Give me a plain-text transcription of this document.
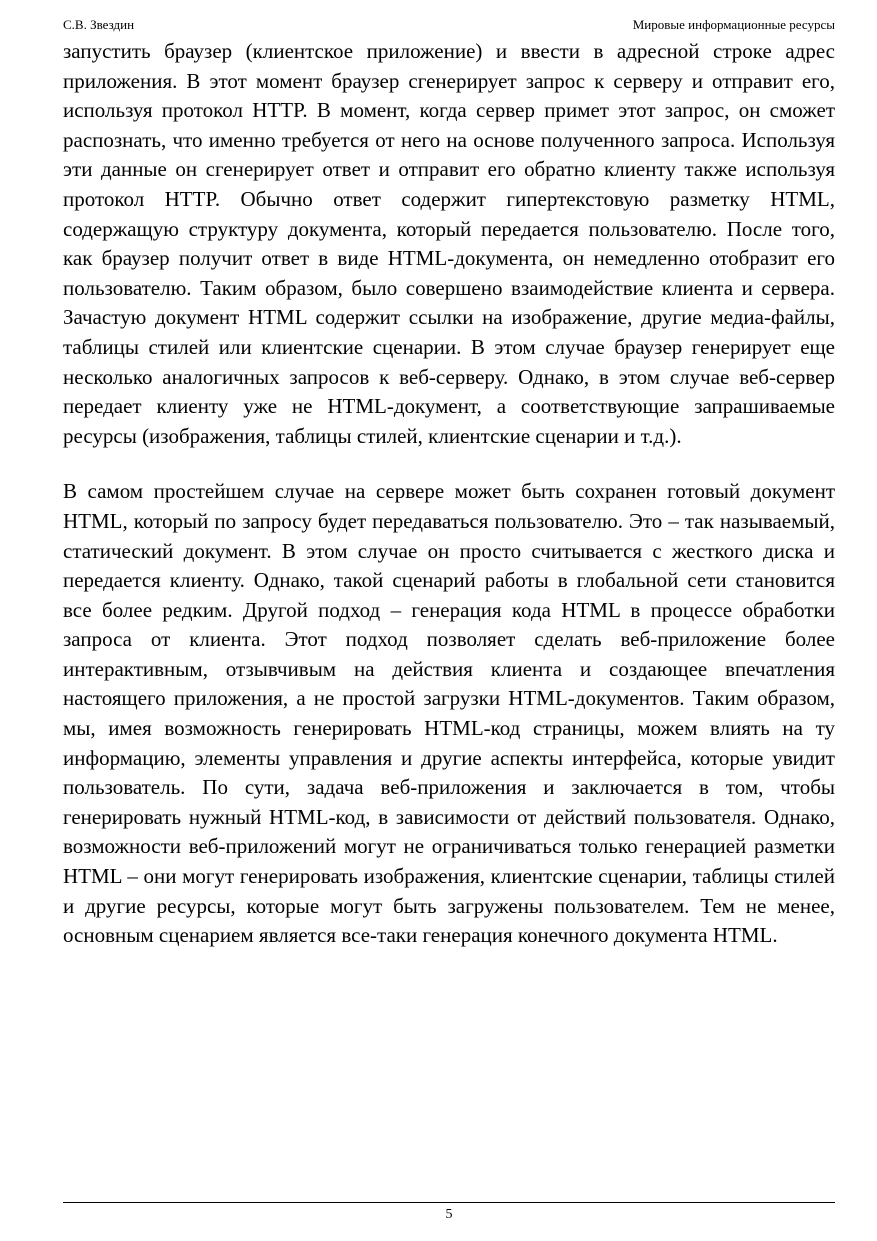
С.В. Звездин	Мировые информационные ресурсы

запустить браузер (клиентское приложение) и ввести в адресной строке адрес приложения. В этот момент браузер сгенерирует запрос к серверу и отправит его, используя протокол HTTP. В момент, когда сервер примет этот запрос, он сможет распознать, что именно требуется от него на основе полученного запроса. Используя эти данные он сгенерирует ответ и отправит его обратно клиенту также используя протокол HTTP. Обычно ответ содержит гипертекстовую разметку HTML, содержащую структуру документа, который передается пользователю. После того, как браузер получит ответ в виде HTML-документа, он немедленно отобразит его пользователю. Таким образом, было совершено взаимодействие клиента и сервера. Зачастую документ HTML содержит ссылки на изображение, другие медиа-файлы, таблицы стилей или клиентские сценарии. В этом случае браузер генерирует еще несколько аналогичных запросов к веб-серверу. Однако, в этом случае веб-сервер передает клиенту уже не HTML-документ, а соответствующие запрашиваемые ресурсы (изображения, таблицы стилей, клиентские сценарии и т.д.).

В самом простейшем случае на сервере может быть сохранен готовый документ HTML, который по запросу будет передаваться пользователю. Это – так называемый, статический документ. В этом случае он просто считывается с жесткого диска и передается клиенту. Однако, такой сценарий работы в глобальной сети становится все более редким. Другой подход – генерация кода HTML в процессе обработки запроса от клиента. Этот подход позволяет сделать веб-приложение более интерактивным, отзывчивым на действия клиента и создающее впечатления настоящего приложения, а не простой загрузки HTML-документов. Таким образом, мы, имея возможность генерировать HTML-код страницы, можем влиять на ту информацию, элементы управления и другие аспекты интерфейса, которые увидит пользователь. По сути, задача веб-приложения и заключается в том, чтобы генерировать нужный HTML-код, в зависимости от действий пользователя. Однако, возможности веб-приложений могут не ограничиваться только генерацией разметки HTML – они могут генерировать изображения, клиентские сценарии, таблицы стилей и другие ресурсы, которые могут быть загружены пользователем. Тем не менее, основным сценарием является все-таки генерация конечного документа HTML.

5
